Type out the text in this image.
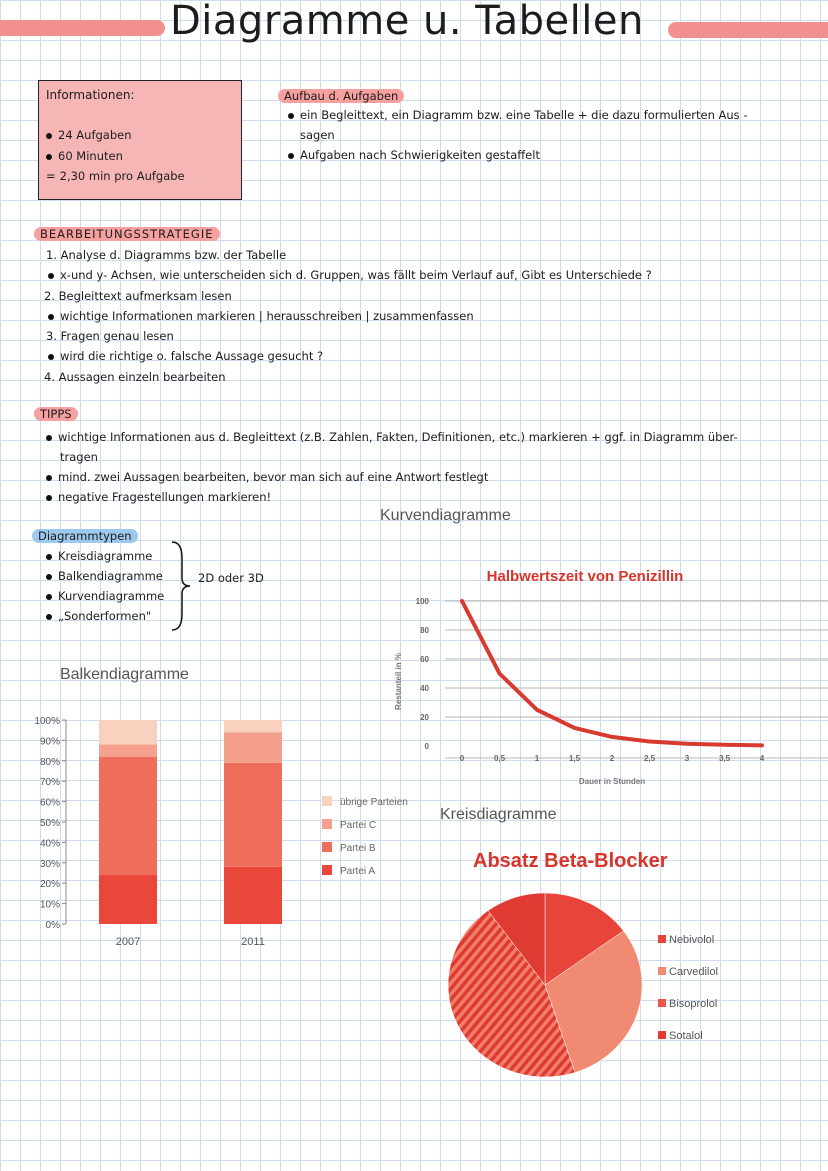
Diagramme u. Tabellen
Informationen:
24 Aufgaben
60 Minuten
= 2,30 min pro Aufgabe
Aufbau d. Aufgaben
ein Begleittext, ein Diagramm bzw. eine Tabelle + die dazu formulierten Aus -
sagen
Aufgaben nach Schwierigkeiten gestaffelt
BEARBEITUNGSSTRATEGIE
1. Analyse d. Diagramms bzw. der Tabelle
x-und y- Achsen, wie unterscheiden sich d. Gruppen, was fällt beim Verlauf auf, Gibt es Unterschiede ?
2. Begleittext aufmerksam lesen
wichtige Informationen markieren | herausschreiben | zusammenfassen
3. Fragen genau lesen
wird die richtige o. falsche Aussage gesucht ?
4. Aussagen einzeln bearbeiten
TIPPS
wichtige Informationen aus d. Begleittext (z.B. Zahlen, Fakten, Definitionen, etc.) markieren + ggf. in Diagramm über-
tragen
mind. zwei Aussagen bearbeiten, bevor man sich auf eine Antwort festlegt
negative Fragestellungen markieren!
Diagrammtypen
Kreisdiagramme
Balkendiagramme
Kurvendiagramme
„Sonderformen"
2D oder 3D
Kurvendiagramme
Balkendiagramme
Kreisdiagramme
0%
10%
20%
30%
40%
50%
60%
70%
80%
90%
100%
2007	2011
übrige Parteien
Partei C
Partei B
Partei A
Halbwertszeit von Penizillin
0
20
40
60
80
100
0	0,5	1	1,5	2	2,5	3	3,5	4
Dauer in Stunden
Restanteil in %
Absatz Beta-Blocker
Nebivolol
Carvedilol
Bisoprolol
Sotalol
